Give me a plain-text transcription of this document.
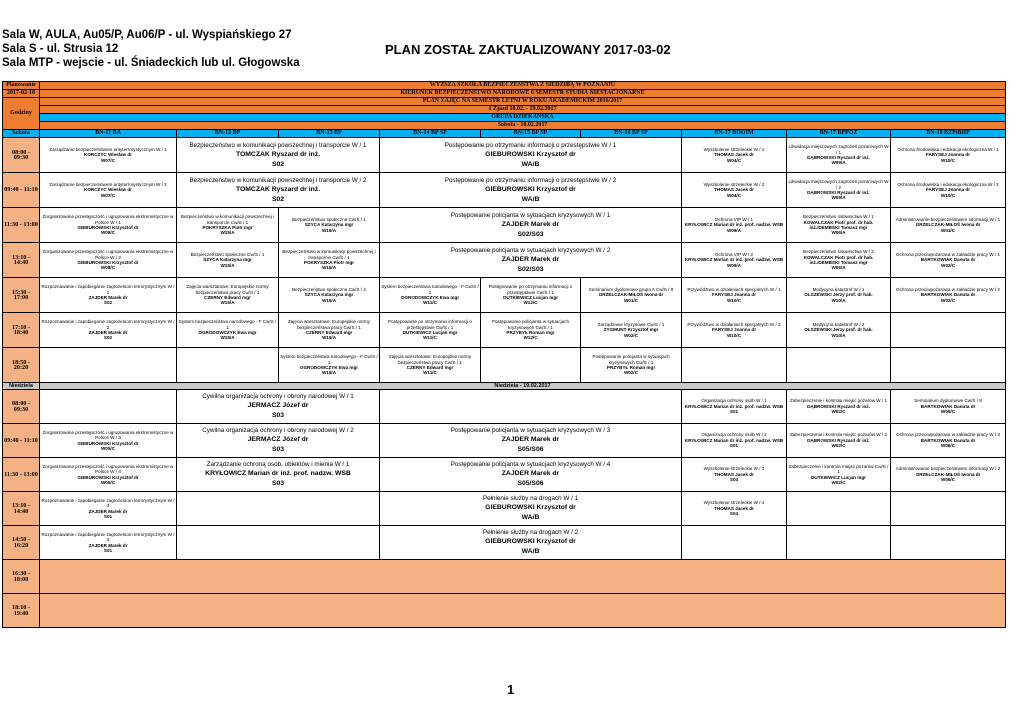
Sala W, AULA, Au05/P, Au06/P - ul. Wyspiańskiego 27
Sala S - ul. Strusia 12
Sala MTP - wejscie - ul. Śniadeckich lub ul. Głogowska
PLAN ZOSTAŁ ZAKTUALIZOWANY 2017-03-02
Planowanie	WYŻSZA SZKOŁA BEZPIECZEŃSTWA Z SIEDZIBĄ W POZNANIU								
2017-02-18	KIERUNEK BEZPIECZEŃSTWO NARODOWE 6 SEMESTR STUDIA NIESTACJONARNE								
Godziny	PLAN ZAJĘĆ NA SEMESTR LETNI W ROKU AKADEMICKIM 2016/2017								
	1 Zjazd 18.02. - 19.02.2017								
	GRUPA DZIEKAŃSKA								
	Sobota - 18.02.2017								
Sobota	BN-11 BA	BN-12 BP	BN-13 BP	BN-14 BP SP	BN-15 BP SP	BN-16 BP SP	BN-17 BOOIM	BN-17 BPPOŻ	BN-18 BZPiBHP
08:00 - 09:30	Zarządzanie bezpieczeństwem antyterrorystycznym W / 1
KORCZYC Wiesław dr
W07/C	Bezpieczeństwo w komunikacji powszechnej i transporcie W / 1
TOMCZAK Ryszard dr inż.
S02		Postępowanie po otrzymaniu informacji o przestępstwie W / 1
GIEBUROWSKI Krzysztof dr
WA/B			Wyszkolenie strzeleckie W / 1
THOMAS Jacek dr
W04/C	Likwidacja miejscowych zagrożeń pozarowych W / 1
DĄBROWSKI Ryszard dr inż.
W09/A	Ochrona środowiska i edukacja ekologiczna W / 1
FARYSEJ Joanna dr
W10/C

09:40 - 11:10	Zarządzanie bezpieczeństwem antyterrorystycznym W / 2
KORCZYC Wiesław dr
W07/C	Bezpieczeństwo w komunikacji powszechnej i transporcie W / 2
TOMCZAK Ryszard dr inż.
S02		Postępowanie po otrzymaniu informacji o przestępstwie W / 2
GIEBUROWSKI Krzysztof dr
WA/B			Wyszkolenie strzeleckie W / 2
THOMAS Jacek dr
W04/C	Likwidacja miejscowych zagrożeń pozarowych W / 2
DĄBROWSKI Ryszard dr inż.
W09/A	Ochrona środowiska i edukacja ekologiczna W / 2
FARYSEJ Joanna dr
W10/C

11:30 - 13:00	Zorganizowane przestępczość i ugrupowania ekstremistyczne w Polsce W / 1
GIEBUROWSKI Krzysztof dr
W08/C	Bezpieczeństwo w komunikacji powszechnej i transporcie Cw/S / 1
POKRYSZKA Piotr mgr
W15/A	Bezpieczeństwo społeczne Cw/S / 1
SZYCA Katarzyna mgr
W16/A	Postępowanie policjanta w sytuacjach kryzysowych W / 1
ZAJDER Marek dr
S02/S03			Ochrona VIP W / 1
KRYŁOWICZ Marian dr inż. prof. nadzw. WSB
W09/A	Bezpieczeństwo ratownictwa W / 1
KOWALCZAK Piotr prof. dr hab. inż./DEMBSKI Tomasz mgr
W06/A	Administrowanie bezpieczeństwem informacji W / 1
GRZELCZAK-MIŁOŚ Iwona dr
W01/C

13:10 - 14:40	Zorganizowane przestępczość i ugrupowania ekstremistyczne w Polsce W / 2
GIEBUROWSKI Krzysztof dr
W08/C	Bezpieczeństwo społeczne Cw/S / 1
SZYCA Katarzyna mgr
W15/A	Bezpieczeństwo w komunikacji powszechnej i transporcie Cw/S / 1
POKRYSZKA Piotr mgr
W16/A	Postępowanie policjanta w sytuacjach kryzysowych W / 2
ZAJDER Marek dr
S02/S03			Ochrona VIP W / 2
KRYŁOWICZ Marian dr inż. prof. nadzw. WSB
W09/A	Bezpieczeństwo ratownictwa W / 2
KOWALCZAK Piotr prof. dr hab. inż./DEMBSKI Tomasz mgr
W06/A	Ochrona przeciwpożarowa w zakładzie pracy W / 1
BARTKOWIAK Danuta dr
W02/C

15:30 - 17:00	Rozpoznawanie i zapobieganie zagrożeniom terrorystycznym W / 1
ZAJDER Marek dr
S02	Zajęcia warsztatowe: Europejskie normy bezpieczeństwa pracy Cw/S / 1
CZERNY Edward mgr
W15/A	Bezpieczeństwo społeczne Cw/S / 2
SZYCA Katarzyna mgr
W16/A	System bezpieczeństwa narodowego - F Cw/S / 1
OGRODOWCZYK Ewa mgr
W11/C	Postępowanie po otrzymaniu informacji o przestępstwie Cw/S / 1
DUTKIEWICZ Lucjan mgr
W12/C	Seminarium dyplomowe grupa A Cw/S / 8
GRZELCZAK-MIŁOŚ Iwona dr
W01/C	Przywództwo w działaniach specjalnych W / 1
FARYSEJ Joanna dr
W10/C	Medycyna katastrof W / 1
OLSZEWSKI Jerzy prof. dr hab.
W10/A	Ochrona przeciwpożarowa w zakładzie pracy W / 2
BARTKOWIAK Danuta dr
W02/C

17:10 - 18:40	Rozpoznawanie i zapobieganie zagrożeniom terrorystycznym W / 2
ZAJDER Marek dr
S02	System bezpieczeństwa narodowego - F Cw/S / 1
OGRODOWCZYK Ewa mgr
W15/A	Zajęcia warsztatowe: Europejskie normy bezpieczeństwa pracy Cw/S / 1
CZERNY Edward mgr
W16/A	Postępowanie po otrzymaniu informacji o przestępstwie Cw/S / 1
DUTKIEWICZ Lucjan mgr
W11/C	Postępowanie policjanta w sytuacjach kryzysowych Cw/S / 1
PRZYBYŁ Roman mgr
W12/C	Zarządzanie kryzysowe Cw/S / 1
ZYGMUNT Krzysztof mgr
W02/C	Przywództwo w działaniach specjalnych W / 2
FARYSEJ Joanna dr
W10/C	Medycyna katastrof W / 2
OLSZEWSKI Jerzy prof. dr hab.
W10/A	

18:50 - 20:20			System bezpieczeństwa narodowego - F Cw/S / 1
OGRODOWCZYK Ewa mgr
W16/A	Zajęcia warsztatowe: Europejskie normy bezpieczeństwa pracy Cw/S / 1
CZERNY Edward mgr
W11/C		Postępowanie policjanta w sytuacjach kryzysowych Cw/S / 1
PRZYBYŁ Roman mgr
W02/C			

Niedziela	Niedziela - 19.02.2017								
08:00 - 09:30		Cywilna organizacja ochrony i obrony narodowej W / 1
JERMACZ Józef dr
S03					Organizacja ochrony osób W / 1
KRYŁOWICZ Marian dr inż. prof. nadzw. WSB
S01	Zabezpieczenie i kontrola miejsc pożarów W / 1
DĄBROWSKI Ryszard dr inż.
W02/C	Seminarium dyplomowe Cw/S / 8
BARTKOWIAK Danuta dr
W06/C

09:40 - 11:10	Zorganizowane przestępczość i ugrupowania ekstremistyczne w Polsce W / 3
GIEBUROWSKI Krzysztof dr
W05/C	Cywilna organizacja ochrony i obrony narodowej W / 2
JERMACZ Józef dr
S03		Postępowanie policjanta w sytuacjach kryzysowych W / 3
ZAJDER Marek dr
S05/S06			Organizacja ochrony osób W / 2
KRYŁOWICZ Marian dr inż. prof. nadzw. WSB
S01	Zabezpieczenie i kontrola miejsc pożarów W / 2
DĄBROWSKI Ryszard dr inż.
W02/C	Ochrona przeciwpożarowa w zakładzie pracy W / 3
BARTKOWIAK Danuta dr
W06/C

11:30 - 13:00	Zorganizowane przestępczość i ugrupowania ekstremistyczne w Polsce W / 4
GIEBUROWSKI Krzysztof dr
W05/C	Zarządzanie ochroną osób, obiektów i mienia W / 1
KRYŁOWICZ Marian dr inż. prof. nadzw. WSB
S03		Postępowanie policjanta w sytuacjach kryzysowych W / 4
ZAJDER Marek dr
S05/S06			Wyszkolenie strzeleckie W / 3
THOMAS Jacek dr
S04	Zabezpieczenie i kontrola miejsc pożarów Cw/S / 1
DUTKIEWICZ Lucjan mgr
W02/C	Administrowanie bezpieczeństwem informacji W / 2
GRZELCZAK-MIŁOŚ Iwona dr
W06/C

13:10 - 14:40	Rozpoznawanie i zapobieganie zagrożeniom terrorystycznym W / 3
ZAJDER Marek dr
S01			Pełnienie służby na drogach W / 1
GIEBUROWSKI Krzysztof dr
WA/B			Wyszkolenie strzeleckie W / 4
THOMAS Jacek dr
S04		

14:50 - 16:20	Rozpoznawanie i zapobieganie zagrożeniom terrorystycznym W / 4
ZAJDER Marek dr
S01			Pełnienie służby na drogach W / 2
GIEBUROWSKI Krzysztof dr
WA/B					

16:30 - 18:00									
18:10 - 19:40									
1
